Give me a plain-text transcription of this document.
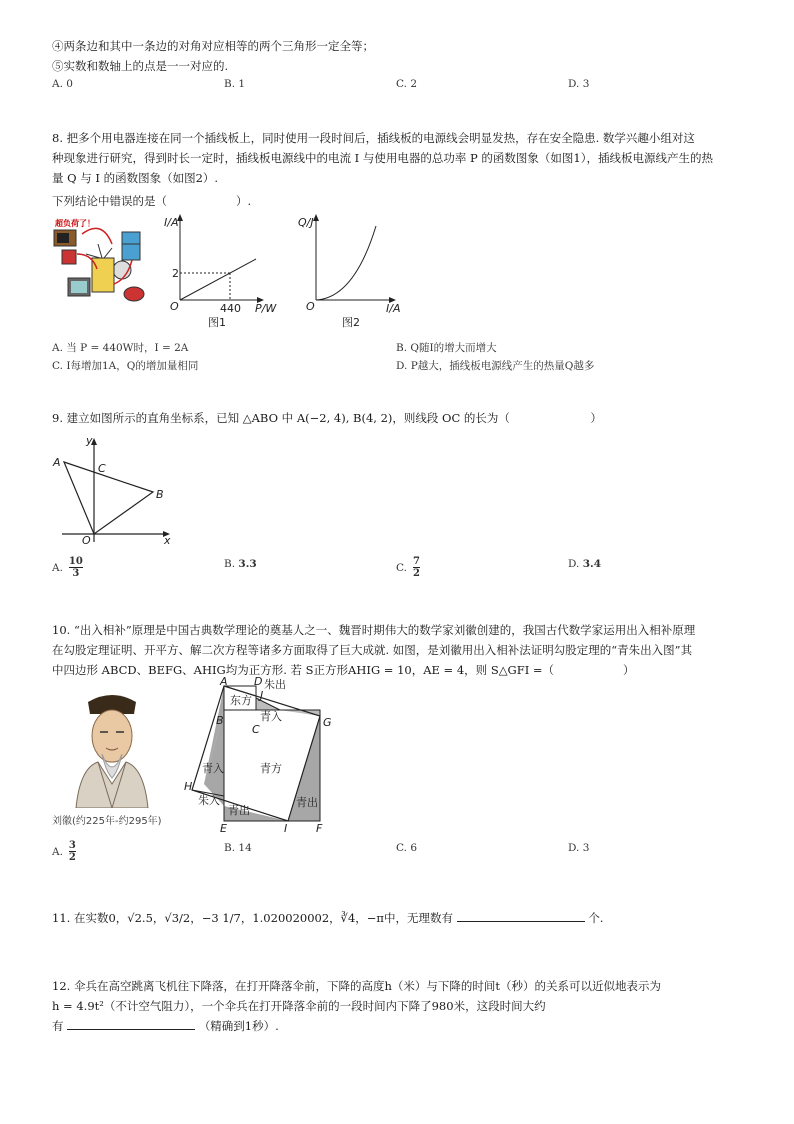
④两条边和其中一条边的对角对应相等的两个三角形一定全等；
⑤实数和数轴上的点是一一对应的.
A. 0	B. 1	C. 2	D. 3
8. 把多个用电器连接在同一个插线板上，同时使用一段时间后，插线板的电源线会明显发热，存在安全隐患. 数学兴趣小组对这
种现象进行研究，得到时长一定时，插线板电源线中的电流 I 与使用电器的总功率 P 的函数图象（如图1），插线板电源线产生的热
量 Q 与 I 的函数图象（如图2）.
下列结论中错误的是（　　　　　　）.
超负荷了！	I/A
P/W
O
2
440
图1
Q/J
I/A
O
图2
A. 当 P = 440W时，I = 2A	B. Q随I的增大而增大
C. I每增加1A，Q的增加量相同	D. P越大，插线板电源线产生的热量Q越多
9. 建立如图所示的直角坐标系，已知 △ABO 中 A(−2, 4), B(4, 2)，则线段 OC 的长为（　　　　　　　）
y
x
A
B
C
O
A. $\frac{10}{3}$	B. 3.3	C. $\frac{7}{2}$	D. 3.4
10. “出入相补”原理是中国古典数学理论的奠基人之一、魏晋时期伟大的数学家刘徽创建的，我国古代数学家运用出入相补原理
在勾股定理证明、开平方、解二次方程等诸多方面取得了巨大成就. 如图，是刘徽用出入相补法证明勾股定理的“青朱出入图”其
中四边形 ABCD、BEFG、AHIG均为正方形. 若 S正方形AHIG = 10，AE = 4，则 S△GFI =（　　　　　　）
刘徽(约225年-约295年)
A D 朱出
J
东方
青入
B
C
G
青入	青方
H
朱入
青出
青出
E	I	F
A. $\frac{3}{2}$	B. 14	C. 6	D. 3
11. 在实数0，√2.5，√3/2，−3 1/7，1.020020002，∛4，−π中，无理数有	个.
12. 伞兵在高空跳离飞机往下降落，在打开降落伞前，下降的高度h（米）与下降的时间t（秒）的关系可以近似地表示为
h = 4.9t²（不计空气阻力），一个伞兵在打开降落伞前的一段时间内下降了980米，这段时间大约
有	（精确到1秒）.
